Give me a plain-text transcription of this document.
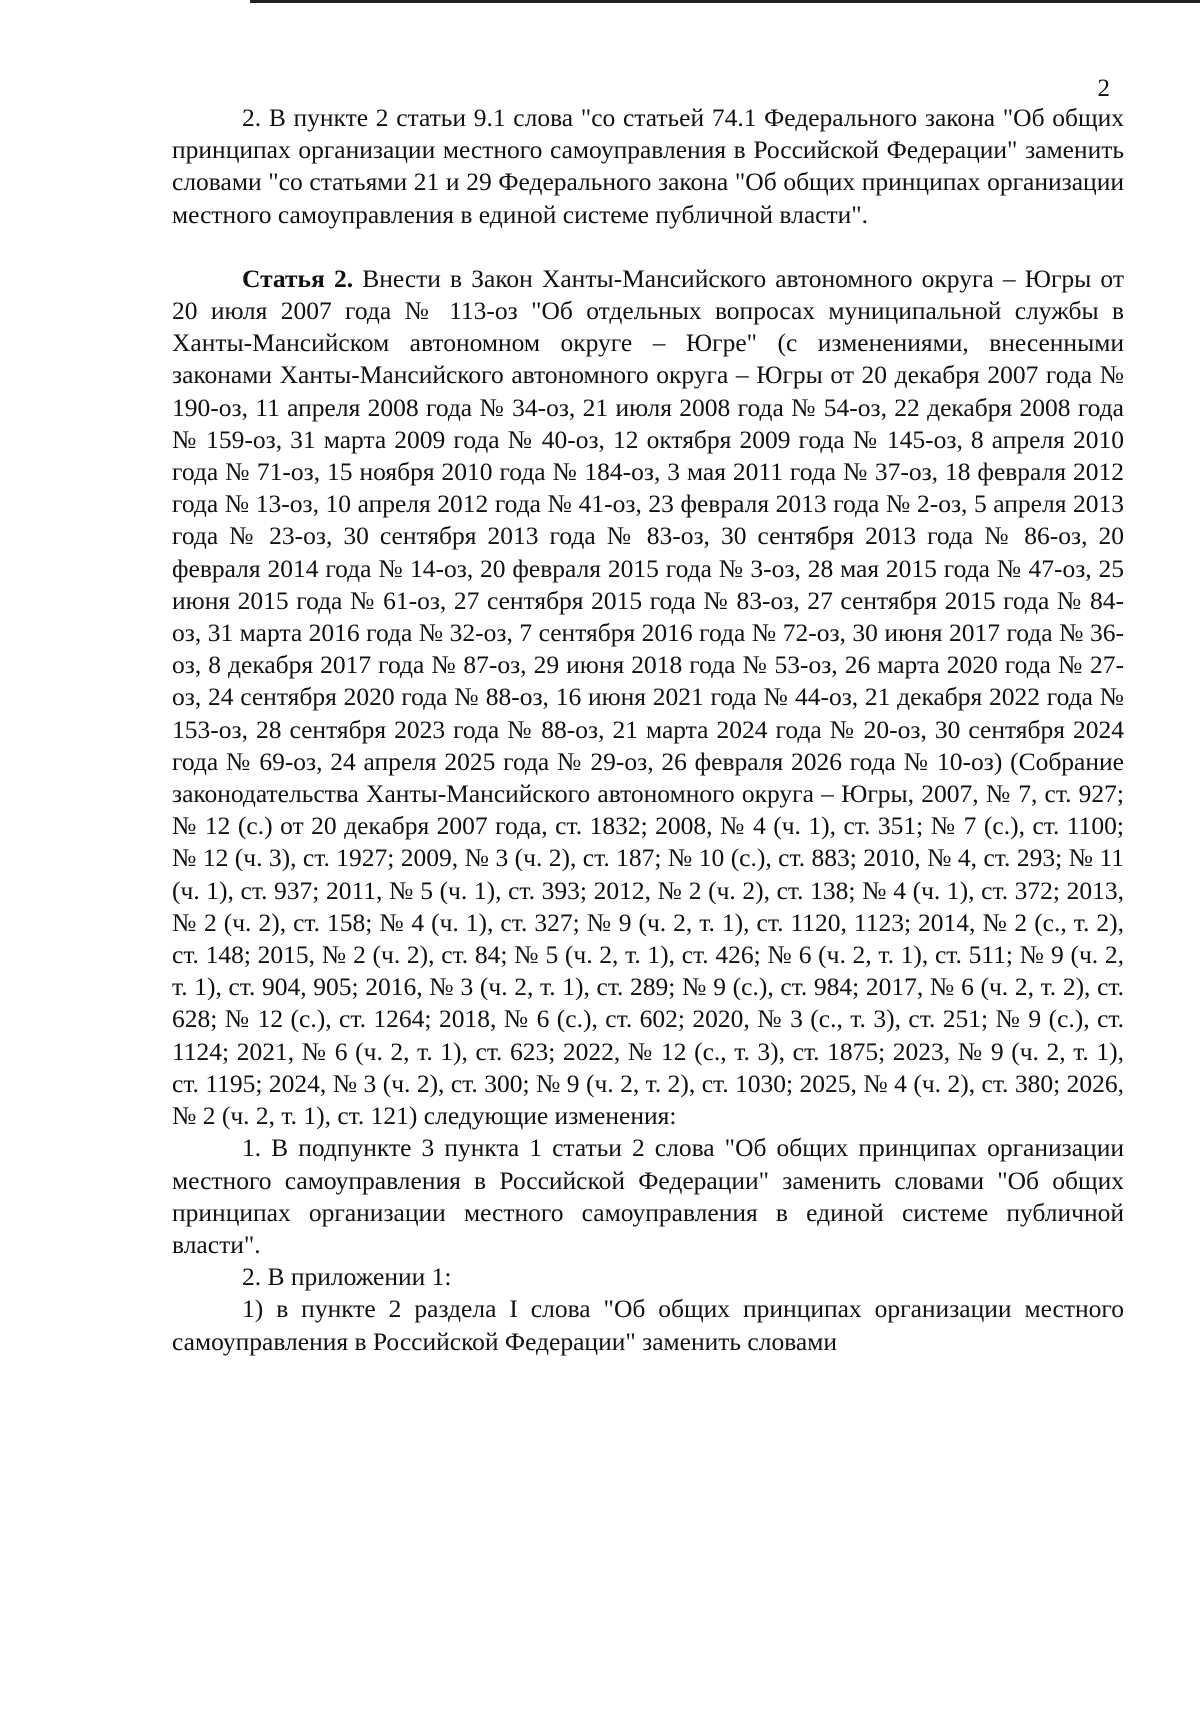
2

2. В пункте 2 статьи 9.1 слова "со статьей 74.1 Федерального закона "Об общих принципах организации местного самоуправления в Российской Федерации" заменить словами "со статьями 21 и 29 Федерального закона "Об общих принципах организации местного самоуправления в единой системе публичной власти".

Статья 2. Внести в Закон Ханты-Мансийского автономного округа – Югры от 20 июля 2007 года № 113-оз "Об отдельных вопросах муниципальной службы в Ханты-Мансийском автономном округе – Югре" (с изменениями, внесенными законами Ханты-Мансийского автономного округа – Югры от 20 декабря 2007 года № 190-оз, 11 апреля 2008 года № 34-оз, 21 июля 2008 года № 54-оз, 22 декабря 2008 года № 159-оз, 31 марта 2009 года № 40-оз, 12 октября 2009 года № 145-оз, 8 апреля 2010 года № 71-оз, 15 ноября 2010 года № 184-оз, 3 мая 2011 года № 37-оз, 18 февраля 2012 года № 13-оз, 10 апреля 2012 года № 41-оз, 23 февраля 2013 года № 2-оз, 5 апреля 2013 года № 23-оз, 30 сентября 2013 года № 83-оз, 30 сентября 2013 года № 86-оз, 20 февраля 2014 года № 14-оз, 20 февраля 2015 года № 3-оз, 28 мая 2015 года № 47-оз, 25 июня 2015 года № 61-оз, 27 сентября 2015 года № 83-оз, 27 сентября 2015 года № 84-оз, 31 марта 2016 года № 32-оз, 7 сентября 2016 года № 72-оз, 30 июня 2017 года № 36-оз, 8 декабря 2017 года № 87-оз, 29 июня 2018 года № 53-оз, 26 марта 2020 года № 27-оз, 24 сентября 2020 года № 88-оз, 16 июня 2021 года № 44-оз, 21 декабря 2022 года № 153-оз, 28 сентября 2023 года № 88-оз, 21 марта 2024 года № 20-оз, 30 сентября 2024 года № 69-оз, 24 апреля 2025 года № 29-оз, 26 февраля 2026 года № 10-оз) (Собрание законодательства Ханты-Мансийского автономного округа – Югры, 2007, № 7, ст. 927; № 12 (с.) от 20 декабря 2007 года, ст. 1832; 2008, № 4 (ч. 1), ст. 351; № 7 (с.), ст. 1100; № 12 (ч. 3), ст. 1927; 2009, № 3 (ч. 2), ст. 187; № 10 (с.), ст. 883; 2010, № 4, ст. 293; № 11 (ч. 1), ст. 937; 2011, № 5 (ч. 1), ст. 393; 2012, № 2 (ч. 2), ст. 138; № 4 (ч. 1), ст. 372; 2013, № 2 (ч. 2), ст. 158; № 4 (ч. 1), ст. 327; № 9 (ч. 2, т. 1), ст. 1120, 1123; 2014, № 2 (с., т. 2), ст. 148; 2015, № 2 (ч. 2), ст. 84; № 5 (ч. 2, т. 1), ст. 426; № 6 (ч. 2, т. 1), ст. 511; № 9 (ч. 2, т. 1), ст. 904, 905; 2016, № 3 (ч. 2, т. 1), ст. 289; № 9 (с.), ст. 984; 2017, № 6 (ч. 2, т. 2), ст. 628; № 12 (с.), ст. 1264; 2018, № 6 (с.), ст. 602; 2020, № 3 (с., т. 3), ст. 251; № 9 (с.), ст. 1124; 2021, № 6 (ч. 2, т. 1), ст. 623; 2022, № 12 (с., т. 3), ст. 1875; 2023, № 9 (ч. 2, т. 1), ст. 1195; 2024, № 3 (ч. 2), ст. 300; № 9 (ч. 2, т. 2), ст. 1030; 2025, № 4 (ч. 2), ст. 380; 2026, № 2 (ч. 2, т. 1), ст. 121) следующие изменения:

1. В подпункте 3 пункта 1 статьи 2 слова "Об общих принципах организации местного самоуправления в Российской Федерации" заменить словами "Об общих принципах организации местного самоуправления в единой системе публичной власти".

2. В приложении 1:

1) в пункте 2 раздела I слова "Об общих принципах организации местного самоуправления в Российской Федерации" заменить словами
